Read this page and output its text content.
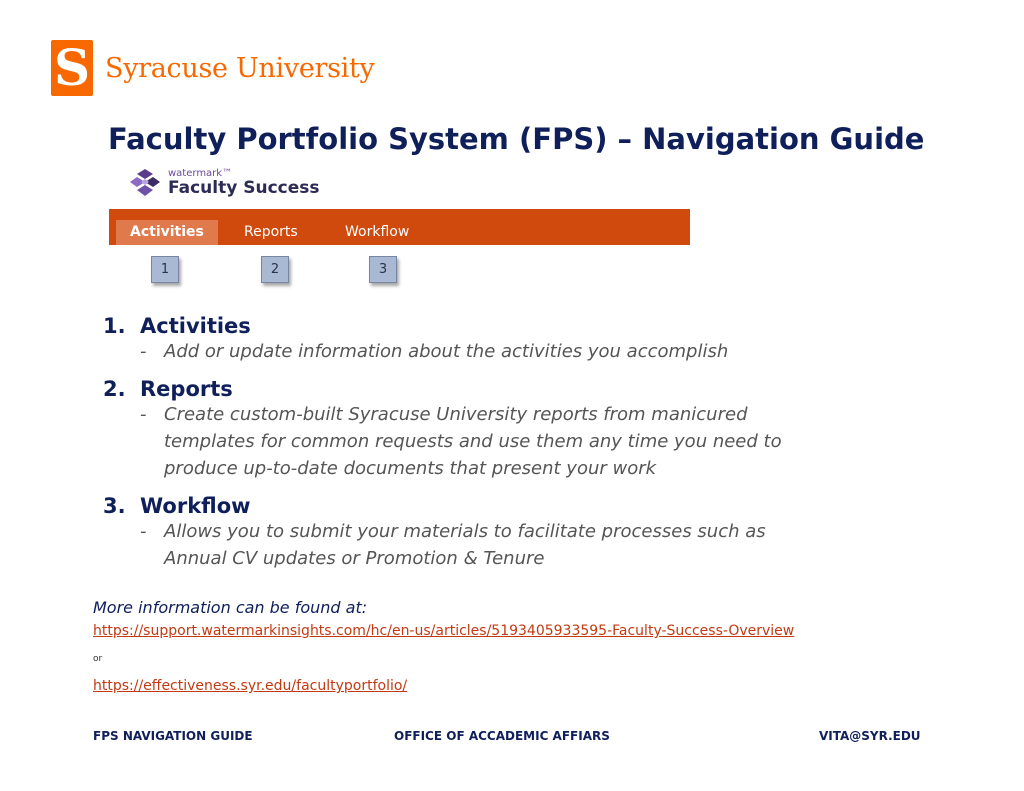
S Syracuse University
Faculty Portfolio System (FPS) – Navigation Guide
watermark™
Faculty Success
Activities	Reports	Workflow
1	2	3
1. Activities
- Add or update information about the activities you accomplish
2. Reports
- Create custom-built Syracuse University reports from manicured
templates for common requests and use them any time you need to
produce up-to-date documents that present your work
3. Workflow
- Allows you to submit your materials to facilitate processes such as
Annual CV updates or Promotion & Tenure
More information can be found at:
https://support.watermarkinsights.com/hc/en-us/articles/5193405933595-Faculty-Success-Overview
or
https://effectiveness.syr.edu/facultyportfolio/
FPS NAVIGATION GUIDE	OFFICE OF ACCADEMIC AFFIARS	VITA@SYR.EDU
